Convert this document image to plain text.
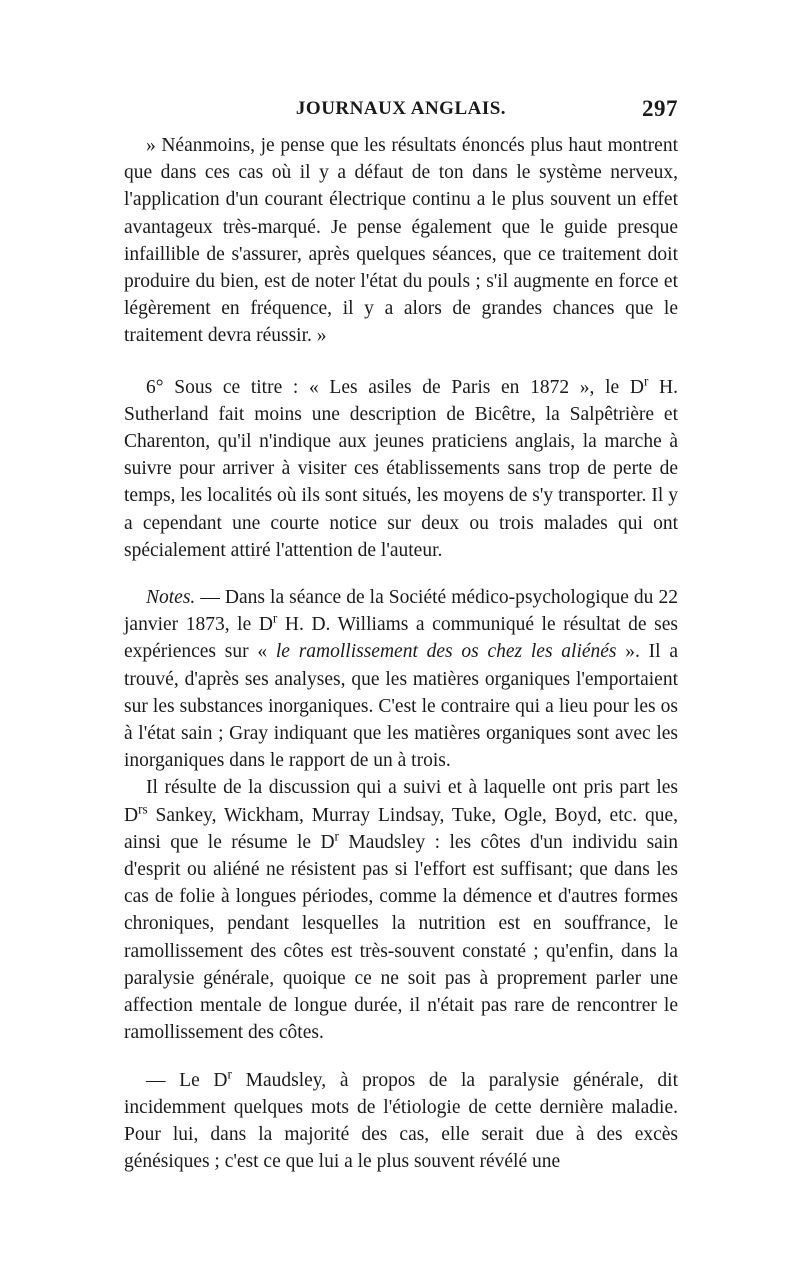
JOURNAUX ANGLAIS.	297

» Néanmoins, je pense que les résultats énoncés plus haut montrent que dans ces cas où il y a défaut de ton dans le système nerveux, l'application d'un courant électrique continu a le plus souvent un effet avantageux très-marqué. Je pense également que le guide presque infaillible de s'assurer, après quelques séances, que ce traitement doit produire du bien, est de noter l'état du pouls ; s'il augmente en force et légèrement en fréquence, il y a alors de grandes chances que le traitement devra réussir. »

6° Sous ce titre : « Les asiles de Paris en 1872 », le $D^r$ H. Sutherland fait moins une description de Bicêtre, la Salpêtrière et Charenton, qu'il n'indique aux jeunes praticiens anglais, la marche à suivre pour arriver à visiter ces établissements sans trop de perte de temps, les localités où ils sont situés, les moyens de s'y transporter. Il y a cependant une courte notice sur deux ou trois malades qui ont spécialement attiré l'attention de l'auteur.

Notes. — Dans la séance de la Société médico-psychologique du 22 janvier 1873, le $D^r$ H. D. Williams a communiqué le résultat de ses expériences sur « le ramollissement des os chez les aliénés ». Il a trouvé, d'après ses analyses, que les matières organiques l'emportaient sur les substances inorganiques. C'est le contraire qui a lieu pour les os à l'état sain ; Gray indiquant que les matières organiques sont avec les inorganiques dans le rapport de un à trois.

Il résulte de la discussion qui a suivi et à laquelle ont pris part les $D^{rs}$ Sankey, Wickham, Murray Lindsay, Tuke, Ogle, Boyd, etc. que, ainsi que le résume le $D^r$ Maudsley : les côtes d'un individu sain d'esprit ou aliéné ne résistent pas si l'effort est suffisant; que dans les cas de folie à longues périodes, comme la démence et d'autres formes chroniques, pendant lesquelles la nutrition est en souffrance, le ramollissement des côtes est très-souvent constaté ; qu'enfin, dans la paralysie générale, quoique ce ne soit pas à proprement parler une affection mentale de longue durée, il n'était pas rare de rencontrer le ramollissement des côtes.

— Le $D^r$ Maudsley, à propos de la paralysie générale, dit incidemment quelques mots de l'étiologie de cette dernière maladie. Pour lui, dans la majorité des cas, elle serait due à des excès génésiques ; c'est ce que lui a le plus souvent révélé une
